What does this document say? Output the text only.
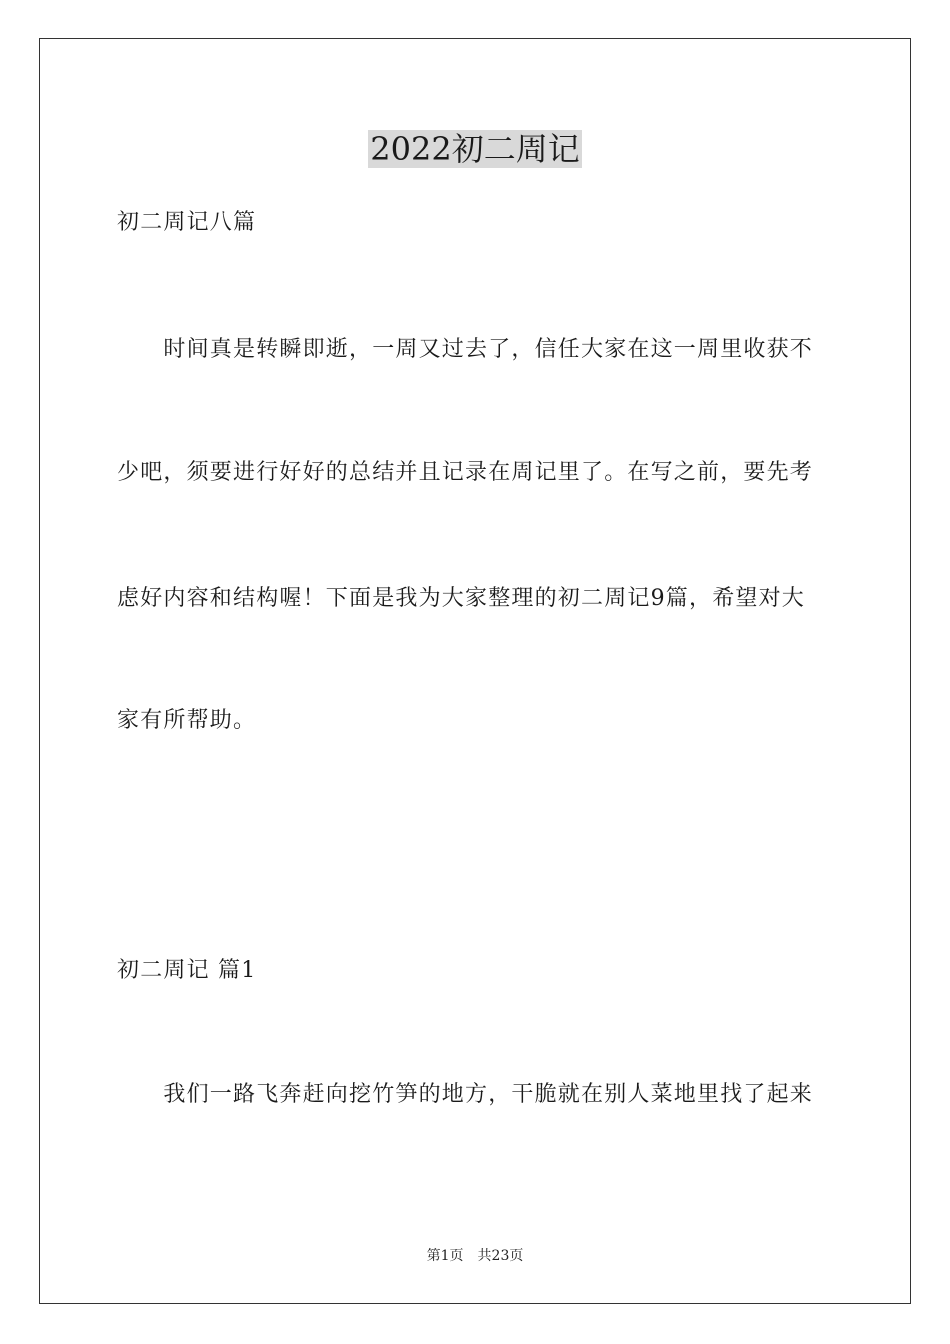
2022初二周记
初二周记八篇
　　时间真是转瞬即逝，一周又过去了，信任大家在这一周里收获不
少吧，须要进行好好的总结并且记录在周记里了。在写之前，要先考
虑好内容和结构喔！下面是我为大家整理的初二周记9篇，希望对大
家有所帮助。
初二周记 篇1
　　我们一路飞奔赶向挖竹笋的地方，干脆就在别人菜地里找了起来
第1页　共23页
